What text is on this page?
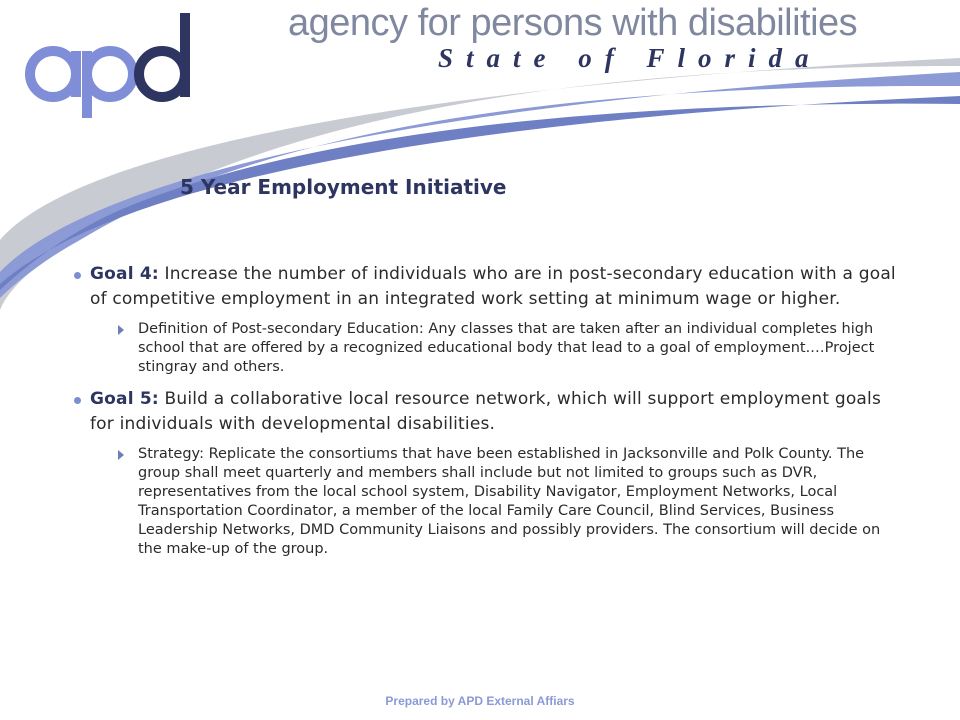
apd	agency for persons with disabilities
State of Florida
5 Year Employment Initiative
Goal 4: Increase the number of individuals who are in post-secondary education with a goal of competitive employment in an integrated work setting at minimum wage or higher.
Definition of Post-secondary Education: Any classes that are taken after an individual completes high school that are offered by a recognized educational body that lead to a goal of employment.…Project stingray and others.
Goal 5: Build a collaborative local resource network, which will support employment goals for individuals with developmental disabilities.
Strategy: Replicate the consortiums that have been established in Jacksonville and Polk County. The group shall meet quarterly and members shall include but not limited to groups such as DVR, representatives from the local school system, Disability Navigator, Employment Networks, Local Transportation Coordinator, a member of the local Family Care Council, Blind Services, Business Leadership Networks, DMD Community Liaisons and possibly providers. The consortium will decide on the make-up of the group.
Prepared by APD External Affiars
